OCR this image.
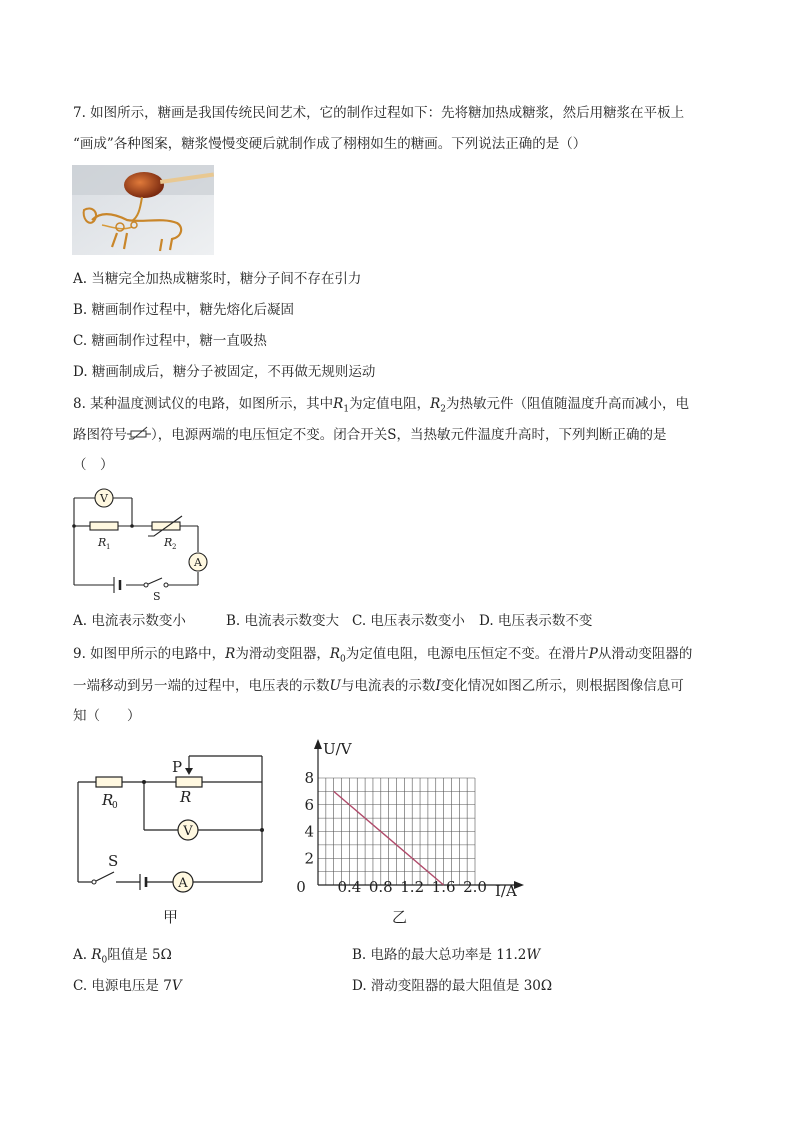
7. 如图所示，糖画是我国传统民间艺术，它的制作过程如下：先将糖加热成糖浆，然后用糖浆在平板上
“画成”各种图案，糖浆慢慢变硬后就制作成了栩栩如生的糖画。下列说法正确的是（）
A. 当糖完全加热成糖浆时，糖分子间不存在引力
B. 糖画制作过程中，糖先熔化后凝固
C. 糖画制作过程中，糖一直吸热
D. 糖画制成后，糖分子被固定，不再做无规则运动
8. 某种温度测试仪的电路，如图所示，其中$R_1$为定值电阻，$R_2$为热敏元件（阻值随温度升高而减小，电
路图符号 ），电源两端的电压恒定不变。闭合开关S，当热敏元件温度升高时，下列判断正确的是
（　）
V
R 1	R 2
A
S
A. 电流表示数变小	B. 电流表示数变大 C. 电压表示数变小 D. 电压表示数不变
9. 如图甲所示的电路中，R为滑动变阻器，$R_0$为定值电阻，电源电压恒定不变。在滑片P从滑动变阻器的
一端移动到另一端的过程中，电压表的示数U与电流表的示数I变化情况如图乙所示，则根据图像信息可
知（　　）
R
0	R
P
V
A
S
甲
0 0.4 0.8 1.2 1.6 2.0
2
4
6
8
U/V
I/A
乙
A. $R_0$阻值是 5Ω	B. 电路的最大总功率是 11.2W
C. 电源电压是 7V	D. 滑动变阻器的最大阻值是 30Ω
